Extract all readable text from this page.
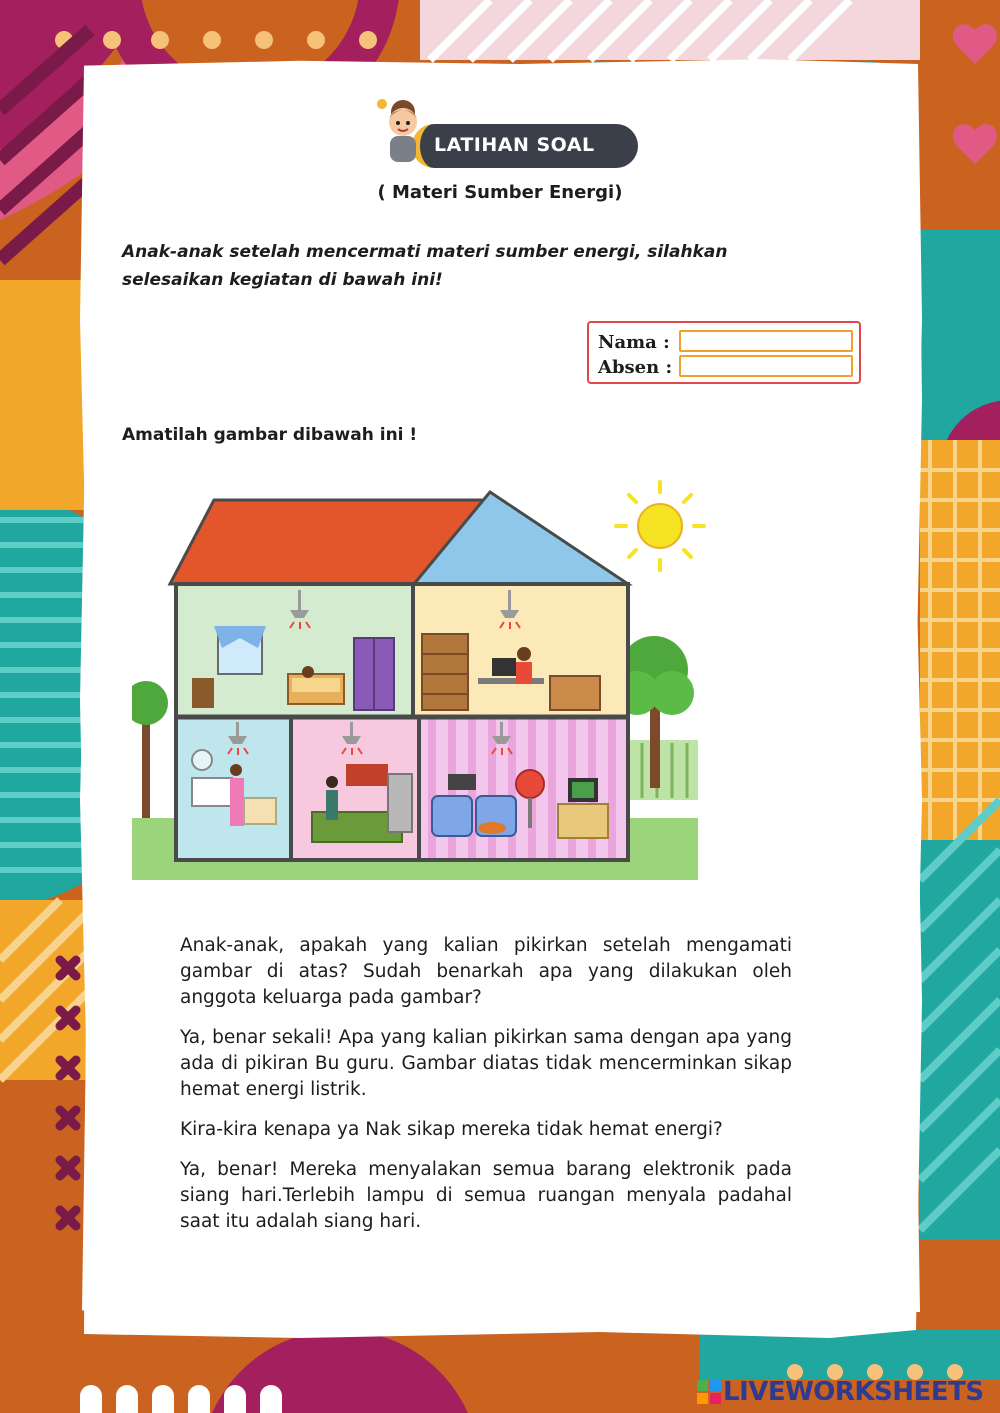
LATIHAN SOAL
( Materi Sumber Energi)
Anak-anak setelah mencermati materi sumber energi, silahkan selesaikan kegiatan di bawah ini!
Nama :
Absen :
Amatilah gambar dibawah ini !

Anak-anak, apakah yang kalian pikirkan setelah mengamati gambar di atas? Sudah benarkah apa yang dilakukan oleh anggota keluarga pada gambar?

Ya, benar sekali! Apa yang kalian pikirkan sama dengan apa yang ada di pikiran Bu guru. Gambar diatas tidak mencerminkan sikap hemat energi listrik.

Kira-kira kenapa ya Nak sikap mereka tidak hemat energi?

Ya, benar! Mereka menyalakan semua barang elektronik pada siang hari.Terlebih lampu di semua ruangan menyala padahal saat itu adalah siang hari.

LIVEWORKSHEETS
